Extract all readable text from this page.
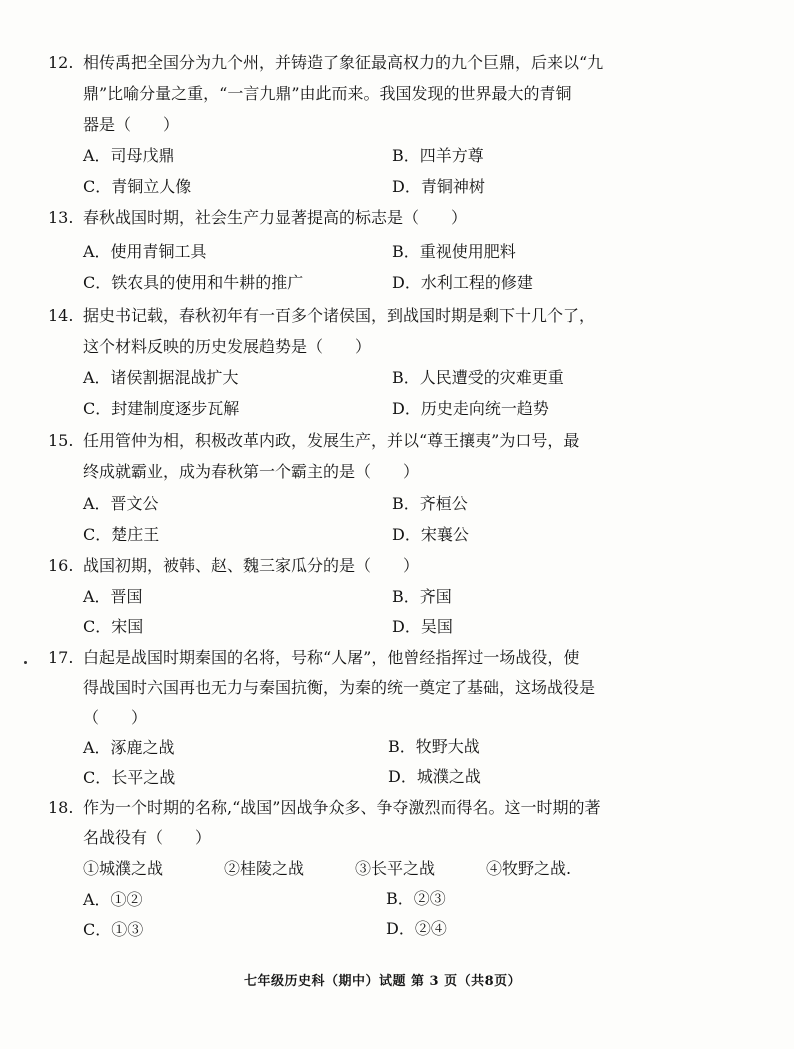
12. 相传禹把全国分为九个州，并铸造了象征最高权力的九个巨鼎，后来以“九
鼎”比喻分量之重，“一言九鼎”由此而来。我国发现的世界最大的青铜
器是（　　）
A．司母戊鼎	B．四羊方尊
C．青铜立人像	D．青铜神树
13. 春秋战国时期，社会生产力显著提高的标志是（　　）
A．使用青铜工具	B．重视使用肥料
C．铁农具的使用和牛耕的推广	D．水利工程的修建
14. 据史书记载，春秋初年有一百多个诸侯国，到战国时期是剩下十几个了，
这个材料反映的历史发展趋势是（　　）
A．诸侯割据混战扩大	B．人民遭受的灾难更重
C．封建制度逐步瓦解	D．历史走向统一趋势
15. 任用管仲为相，积极改革内政，发展生产，并以“尊王攘夷”为口号，最
终成就霸业，成为春秋第一个霸主的是（　　）
A．晋文公	B．齐桓公
C．楚庄王	D．宋襄公
16. 战国初期，被韩、赵、魏三家瓜分的是（　　）
A．晋国	B．齐国
C．宋国	D．吴国
17. 白起是战国时期秦国的名将，号称“人屠”，他曾经指挥过一场战役，使
得战国时六国再也无力与秦国抗衡，为秦的统一奠定了基础，这场战役是
（　　）
A．涿鹿之战	B．牧野大战
C．长平之战	D．城濮之战
18. 作为一个时期的名称,“战国”因战争众多、争夺激烈而得名。这一时期的著
名战役有（　　）
①城濮之战	②桂陵之战	③长平之战	④牧野之战.
A．①②	B．②③
C．①③	D．②④
七年级历史科（期中）试题 第 3 页（共8页）
